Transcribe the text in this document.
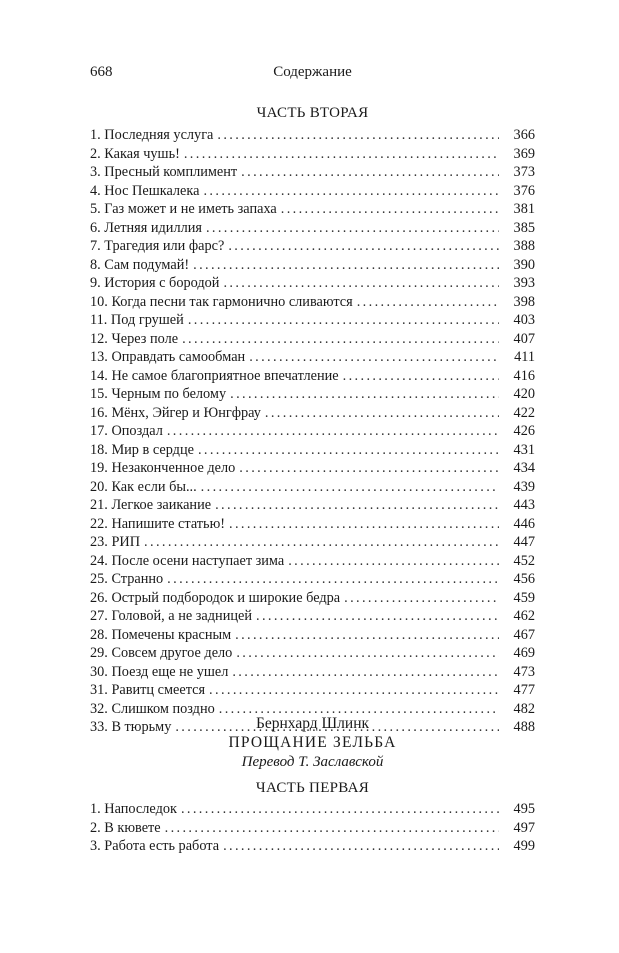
668	Содержание
ЧАСТЬ ВТОРАЯ
1. Последняя услуга . . .	366
2. Какая чушь! . . .	369
3. Пресный комплимент . . .	373
4. Нос Пешкалека . . .	376
5. Газ может и не иметь запаха . . .	381
6. Летняя идиллия . . .	385
7. Трагедия или фарс? . . .	388
8. Сам подумай! . . .	390
9. История с бородой . . .	393
10. Когда песни так гармонично сливаются . . .	398
11. Под грушей . . .	403
12. Через поле . . .	407
13. Оправдать самообман . . .	411
14. Не самое благоприятное впечатление . . .	416
15. Черным по белому . . .	420
16. Мёнх, Эйгер и Юнгфрау . . .	422
17. Опоздал . . .	426
18. Мир в сердце . . .	431
19. Незаконченное дело . . .	434
20. Как если бы... . . .	439
21. Легкое заикание . . .	443
22. Напишите статью! . . .	446
23. РИП . . .	447
24. После осени наступает зима . . .	452
25. Странно . . .	456
26. Острый подбородок и широкие бедра . . .	459
27. Головой, а не задницей . . .	462
28. Помечены красным . . .	467
29. Совсем другое дело . . .	469
30. Поезд еще не ушел . . .	473
31. Равитц смеется . . .	477
32. Слишком поздно . . .	482
33. В тюрьму . . .	488
Бернхард Шлинк
ПРОЩАНИЕ ЗЕЛЬБА
Перевод Т. Заславской
ЧАСТЬ ПЕРВАЯ
1. Напоследок . . .	495
2. В кювете . . .	497
3. Работа есть работа . . .	499
